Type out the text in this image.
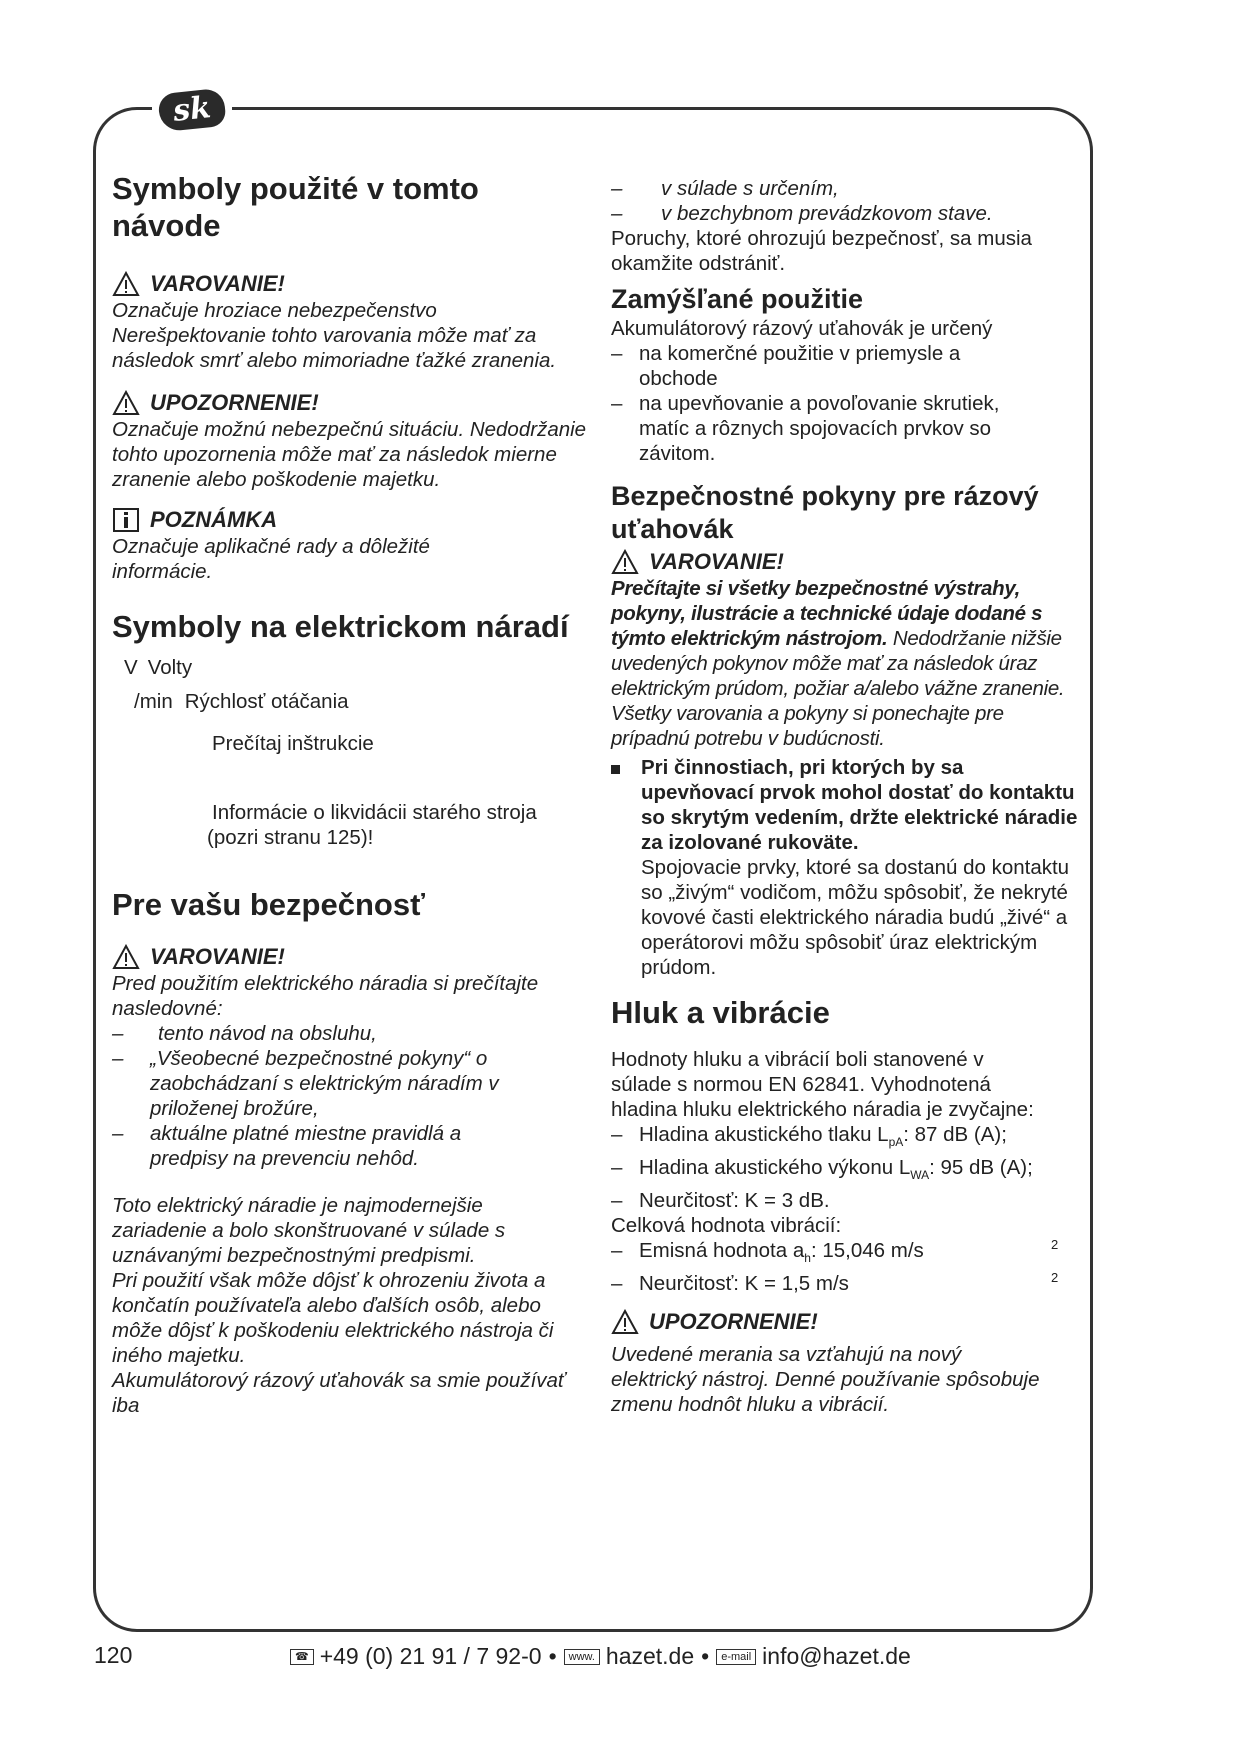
sk
Symboly použité v tomto návode
VAROVANIE!

Označuje hroziace nebezpečenstvo Nerešpektovanie tohto varovania môže mať za následok smrť alebo mimoriadne ťažké zranenia.

UPOZORNENIE!

Označuje možnú nebezpečnú situáciu. Nedodržanie tohto upozornenia môže mať za následok mierne zranenie alebo poškodenie majetku.

POZNÁMKA

Označuje aplikačné rady a dôležité informácie.

Symboly na elektrickom náradí
V Volty
/min Rýchlosť otáčania
Prečítaj inštrukcie
Informácie o likvidácii starého stroja
(pozri stranu 125)!
Pre vašu bezpečnosť
VAROVANIE!

Pred použitím elektrického náradia si prečítajte nasledovné:

–	tento návod na obsluhu,
–	„Všeobecné bezpečnostné pokyny“ o zaobchádzaní s elektrickým náradím v priloženej brožúre,
–	aktuálne platné miestne pravidlá a predpisy na prevenciu nehôd.

Toto elektrický náradie je najmodernejšie zariadenie a bolo skonštruované v súlade s uznávanými bezpečnostnými predpismi.

Pri použití však môže dôjsť k ohrozeniu života a končatín používateľa alebo ďalších osôb, alebo môže dôjsť k poškodeniu elektrického nástroja či iného majetku.

Akumulátorový rázový uťahovák sa smie používať iba

–	v súlade s určením,
–	v bezchybnom prevádzkovom stave.

Poruchy, ktoré ohrozujú bezpečnosť, sa musia okamžite odstrániť.

Zamýšľané použitie

Akumulátorový rázový uťahovák je určený

– na komerčné použitie v priemysle a obchode
– na upevňovanie a povoľovanie skrutiek, matíc a rôznych spojovacích prvkov so závitom.
Bezpečnostné pokyny pre rázový uťahovák
VAROVANIE!

Prečítajte si všetky bezpečnostné výstrahy, pokyny, ilustrácie a technické údaje dodané s týmto elektrickým nástrojom. Nedodržanie nižšie uvedených pokynov môže mať za následok úraz elektrickým prúdom, požiar a/alebo vážne zranenie. Všetky varovania a pokyny si ponechajte pre prípadnú potrebu v budúcnosti.

Pri činnostiach, pri ktorých by sa upevňovací prvok mohol dostať do kontaktu so skrytým vedením, držte elektrické náradie za izolované rukoväte.
Spojovacie prvky, ktoré sa dostanú do kontaktu so „živým“ vodičom, môžu spôsobiť, že nekryté kovové časti elektrického náradia budú „živé“ a operátorovi môžu spôsobiť úraz elektrickým prúdom.
Hluk a vibrácie

Hodnoty hluku a vibrácií boli stanovené v súlade s normou EN 62841. Vyhodnotená hladina hluku elektrického náradia je zvyčajne:

– Hladina akustického tlaku $L_{pA}$: 87 dB (A);
– Hladina akustického výkonu $L_{WA}$: 95 dB (A);
– Neurčitosť: K = 3 dB.

Celková hodnota vibrácií:

– Emisná hodnota $a_h$: 15,046 m/s	2
– Neurčitosť: K = 1,5 m/s	2
UPOZORNENIE!

Uvedené merania sa vzťahujú na nový elektrický nástroj. Denné používanie spôsobuje zmenu hodnôt hluku a vibrácií.

120	☎ +49 (0) 21 91 / 7 92-0 •	www. hazet.de •	e-mail info@hazet.de
